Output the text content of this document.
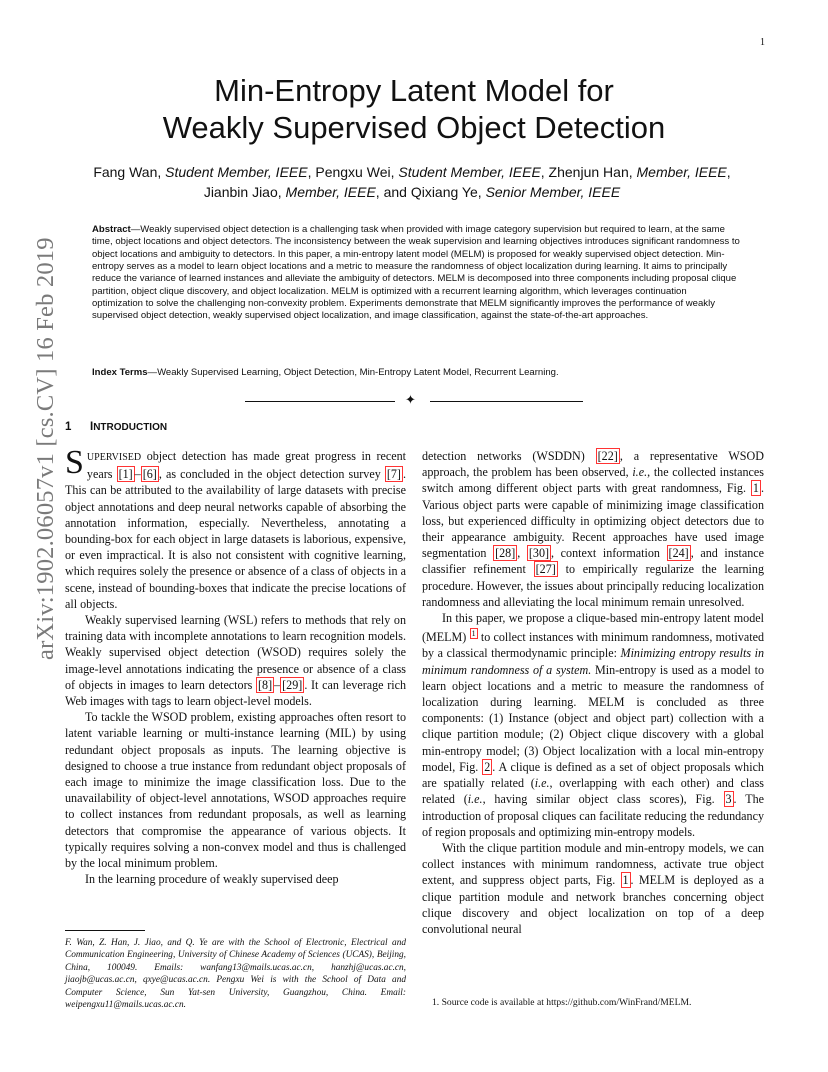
1
arXiv:1902.06057v1 [cs.CV] 16 Feb 2019
Min-Entropy Latent Model for
Weakly Supervised Object Detection
Fang Wan, Student Member, IEEE, Pengxu Wei, Student Member, IEEE, Zhenjun Han, Member, IEEE,
Jianbin Jiao, Member, IEEE, and Qixiang Ye, Senior Member, IEEE
Abstract—Weakly supervised object detection is a challenging task when provided with image category supervision but required to learn, at the same time, object locations and object detectors. The inconsistency between the weak supervision and learning objectives introduces significant randomness to object locations and ambiguity to detectors. In this paper, a min-entropy latent model (MELM) is proposed for weakly supervised object detection. Min-entropy serves as a model to learn object locations and a metric to measure the randomness of object localization during learning. It aims to principally reduce the variance of learned instances and alleviate the ambiguity of detectors. MELM is decomposed into three components including proposal clique partition, object clique discovery, and object localization. MELM is optimized with a recurrent learning algorithm, which leverages continuation optimization to solve the challenging non-convexity problem. Experiments demonstrate that MELM significantly improves the performance of weakly supervised object detection, weakly supervised object localization, and image classification, against the state-of-the-art approaches.
Index Terms—Weakly Supervised Learning, Object Detection, Min-Entropy Latent Model, Recurrent Learning.
✦
1 INTRODUCTION

SUPERVISED object detection has made great progress in recent years [1] – [6] , as concluded in the object detection survey [7] . This can be attributed to the availability of large datasets with precise object annotations and deep neural networks capable of absorbing the annotation information, especially. Nevertheless, annotating a bounding-box for each object in large datasets is laborious, expensive, or even impractical. It is also not consistent with cognitive learning, which requires solely the presence or absence of a class of objects in a scene, instead of bounding-boxes that indicate the precise locations of all objects.

Weakly supervised learning (WSL) refers to methods that rely on training data with incomplete annotations to learn recognition models. Weakly supervised object detection (WSOD) requires solely the image-level annotations indicating the presence or absence of a class of objects in images to learn detectors [8] – [29] . It can leverage rich Web images with tags to learn object-level models.

To tackle the WSOD problem, existing approaches often resort to latent variable learning or multi-instance learning (MIL) by using redundant object proposals as inputs. The learning objective is designed to choose a true instance from redundant object proposals of each image to minimize the image classification loss. Due to the unavailability of object-level annotations, WSOD approaches require to collect instances from redundant proposals, as well as learning detectors that compromise the appearance of various objects. It typically requires solving a non-convex model and thus is challenged by the local minimum problem.

In the learning procedure of weakly supervised deep

detection networks (WSDDN) [22] , a representative WSOD approach, the problem has been observed, i.e., the collected instances switch among different object parts with great randomness, Fig. 1 . Various object parts were capable of minimizing image classification loss, but experienced difficulty in optimizing object detectors due to their appearance ambiguity. Recent approaches have used image segmentation [28] , [30] , context information [24] , and instance classifier refinement [27] to empirically regularize the learning procedure. However, the issues about principally reducing localization randomness and alleviating the local minimum remain unresolved.

In this paper, we propose a clique-based min-entropy latent model (MELM) $^1$ to collect instances with minimum randomness, motivated by a classical thermodynamic principle: Minimizing entropy results in minimum randomness of a system. Min-entropy is used as a model to learn object locations and a metric to measure the randomness of localization during learning. MELM is concluded as three components: (1) Instance (object and object part) collection with a clique partition module; (2) Object clique discovery with a global min-entropy model; (3) Object localization with a local min-entropy model, Fig. 2 . A clique is defined as a set of object proposals which are spatially related (i.e., overlapping with each other) and class related (i.e., having similar object class scores), Fig. 3 . The introduction of proposal cliques can facilitate reducing the redundancy of region proposals and optimizing min-entropy models.

With the clique partition module and min-entropy models, we can collect instances with minimum randomness, activate true object extent, and suppress object parts, Fig. 1 . MELM is deployed as a clique partition module and network branches concerning object clique discovery and object localization on top of a deep convolutional neural

F. Wan, Z. Han, J. Jiao, and Q. Ye are with the School of Electronic, Electrical and Communication Engineering, University of Chinese Academy of Sciences (UCAS), Beijing, China, 100049. Emails: wanfang13@mails.ucas.ac.cn, hanzhj@ucas.ac.cn, jiaojb@ucas.ac.cn, qxye@ucas.ac.cn. Pengxu Wei is with the School of Data and Computer Science, Sun Yat-sen University, Guangzhou, China. Email: weipengxu11@mails.ucas.ac.cn.	1. Source code is available at https://github.com/WinFrand/MELM.
